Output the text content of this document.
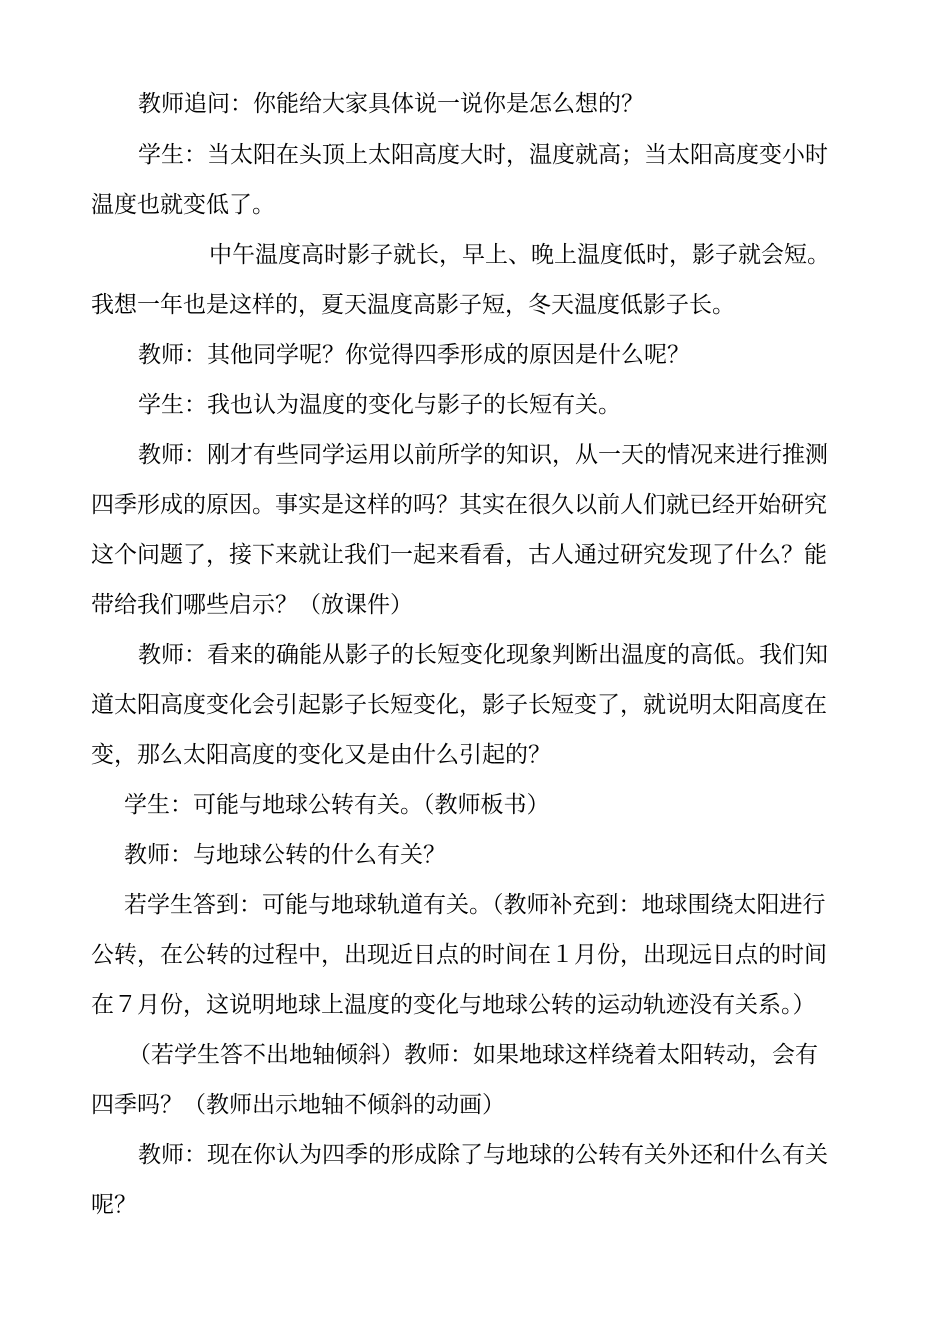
教师追问：你能给大家具体说一说你是怎么想的？
学生：当太阳在头顶上太阳高度大时，温度就高；当太阳高度变小时
温度也就变低了。
中午温度高时影子就长，早上、晚上温度低时，影子就会短。
我想一年也是这样的，夏天温度高影子短，冬天温度低影子长。
教师：其他同学呢？你觉得四季形成的原因是什么呢？
学生：我也认为温度的变化与影子的长短有关。
教师：刚才有些同学运用以前所学的知识，从一天的情况来进行推测
四季形成的原因。事实是这样的吗？其实在很久以前人们就已经开始研究
这个问题了，接下来就让我们一起来看看，古人通过研究发现了什么？能
带给我们哪些启示？（放课件）
教师：看来的确能从影子的长短变化现象判断出温度的高低。我们知
道太阳高度变化会引起影子长短变化，影子长短变了，就说明太阳高度在
变，那么太阳高度的变化又是由什么引起的？
学生：可能与地球公转有关。（教师板书）
教师：与地球公转的什么有关？
若学生答到：可能与地球轨道有关。（教师补充到：地球围绕太阳进行
公转，在公转的过程中，出现近日点的时间在１月份，出现远日点的时间
在７月份，这说明地球上温度的变化与地球公转的运动轨迹没有关系。）
（若学生答不出地轴倾斜）教师：如果地球这样绕着太阳转动，会有
四季吗？（教师出示地轴不倾斜的动画）
教师：现在你认为四季的形成除了与地球的公转有关外还和什么有关
呢？
